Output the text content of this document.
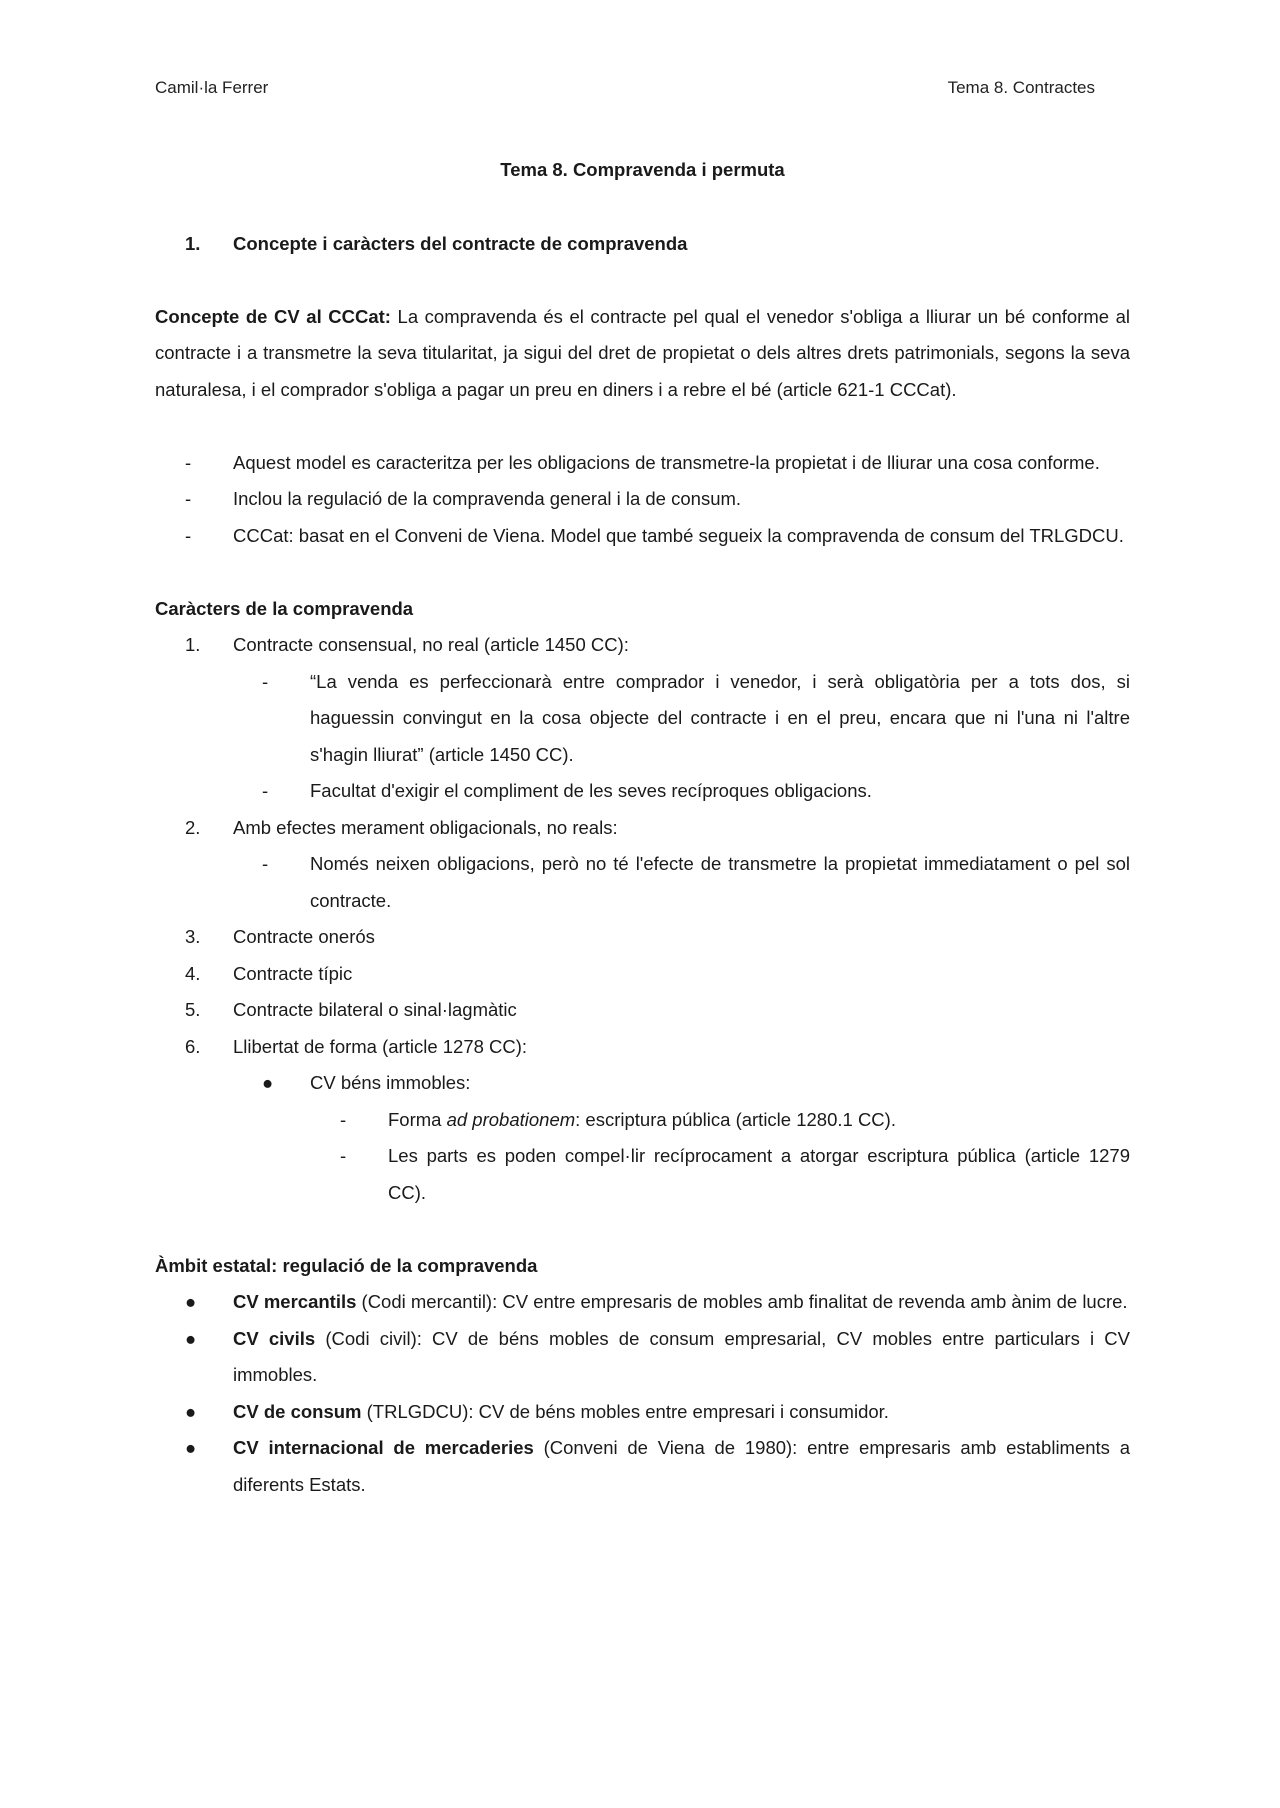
Camil·la Ferrer	Tema 8. Contractes
Tema 8. Compravenda i permuta
1.	Concepte i caràcters del contracte de compravenda

Concepte de CV al CCCat: La compravenda és el contracte pel qual el venedor s'obliga a lliurar un bé conforme al contracte i a transmetre la seva titularitat, ja sigui del dret de propietat o dels altres drets patrimonials, segons la seva naturalesa, i el comprador s'obliga a pagar un preu en diners i a rebre el bé (article 621-1 CCCat).

-	Aquest model es caracteritza per les obligacions de transmetre-la propietat i de lliurar una cosa conforme.
-	Inclou la regulació de la compravenda general i la de consum.
-	CCCat: basat en el Conveni de Viena. Model que també segueix la compravenda de consum del TRLGDCU.
Caràcters de la compravenda
1.	Contracte consensual, no real (article 1450 CC):
-	“La venda es perfeccionarà entre comprador i venedor, i serà obligatòria per a tots dos, si haguessin convingut en la cosa objecte del contracte i en el preu, encara que ni l'una ni l'altre s'hagin lliurat” (article 1450 CC).
-	Facultat d'exigir el compliment de les seves recíproques obligacions.
2.	Amb efectes merament obligacionals, no reals:
-	Només neixen obligacions, però no té l'efecte de transmetre la propietat immediatament o pel sol contracte.
3.	Contracte onerós
4.	Contracte típic
5.	Contracte bilateral o sinal·lagmàtic
6.	Llibertat de forma (article 1278 CC):
●	CV béns immobles:
-	Forma ad probationem: escriptura pública (article 1280.1 CC).
-	Les parts es poden compel·lir recíprocament a atorgar escriptura pública (article 1279 CC).
Àmbit estatal: regulació de la compravenda
●	CV mercantils (Codi mercantil): CV entre empresaris de mobles amb finalitat de revenda amb ànim de lucre.
●	CV civils (Codi civil): CV de béns mobles de consum empresarial, CV mobles entre particulars i CV immobles.
●	CV de consum (TRLGDCU): CV de béns mobles entre empresari i consumidor.
●	CV internacional de mercaderies (Conveni de Viena de 1980): entre empresaris amb establiments a diferents Estats.
